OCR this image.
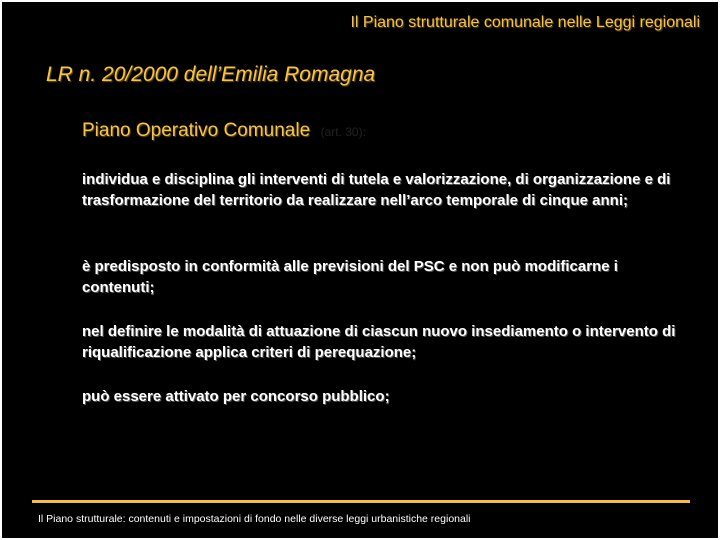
Il Piano strutturale comunale nelle Leggi regionali
LR n. 20/2000 dell’Emilia Romagna
Piano Operativo Comunale (art. 30):
individua e disciplina gli interventi di tutela e valorizzazione, di organizzazione e di trasformazione del territorio da realizzare nell’arco temporale di cinque anni;
è predisposto in conformità alle previsioni del PSC e non può modificarne i contenuti;
nel definire le modalità di attuazione di ciascun nuovo insediamento o intervento di riqualificazione applica criteri di perequazione;
può essere attivato per concorso pubblico;
Il Piano strutturale: contenuti e impostazioni di fondo nelle diverse leggi urbanistiche regionali
